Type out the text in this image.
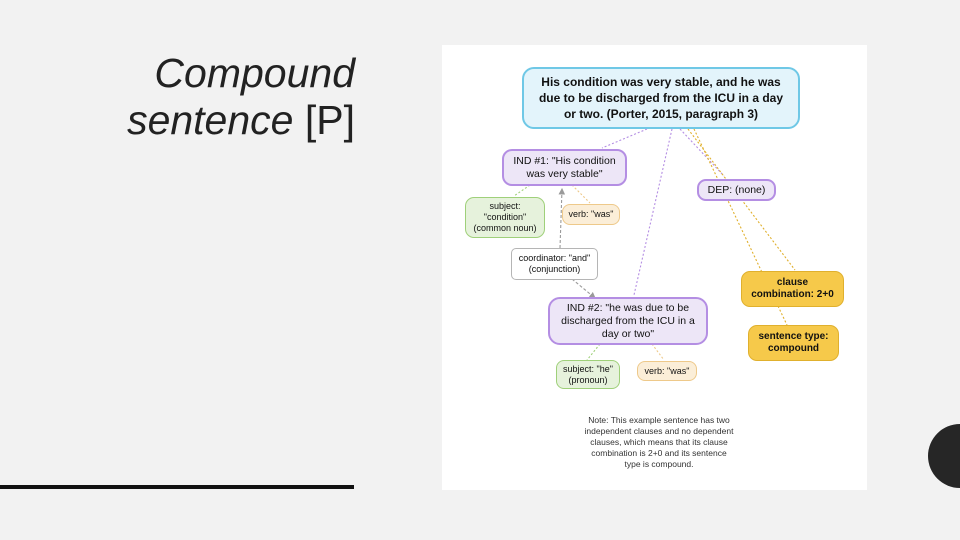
Compound
sentence [P]
His condition was very stable, and he was due to be discharged from the ICU in a day or two. (Porter, 2015, paragraph 3)
IND #1: "His condition was very stable"
DEP: (none)
subject: "condition" (common noun)
verb: "was"
coordinator: "and" (conjunction)
clause combination: 2+0
IND #2: "he was due to be discharged from the ICU in a day or two"	sentence type: compound
subject: "he" (pronoun)
verb: "was"
Note: This example sentence has two independent clauses and no dependent clauses, which means that its clause combination is 2+0 and its sentence type is compound.
